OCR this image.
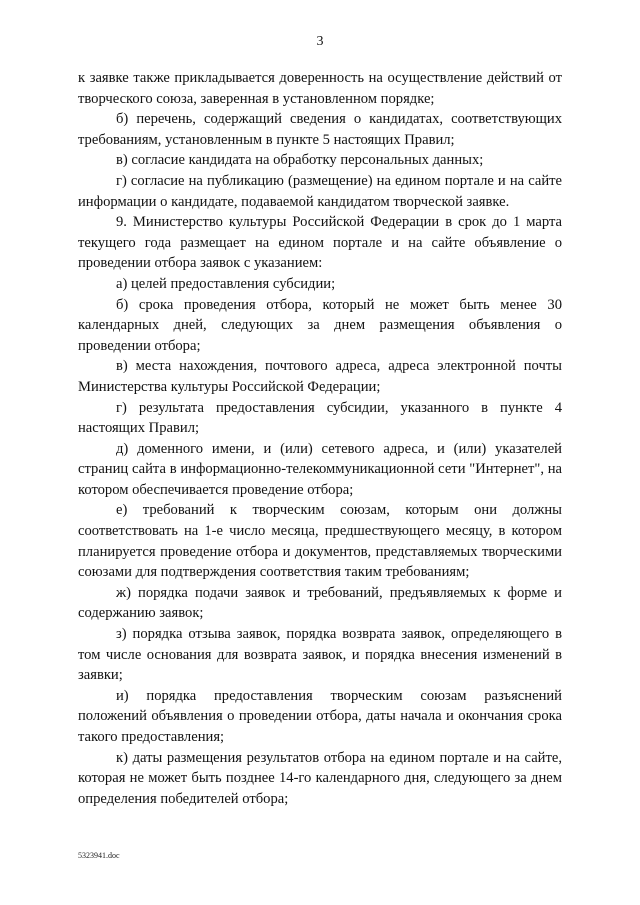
3

к заявке также прикладывается доверенность на осуществление действий от творческого союза, заверенная в установленном порядке;

б) перечень, содержащий сведения о кандидатах, соответствующих требованиям, установленным в пункте 5 настоящих Правил;

в) согласие кандидата на обработку персональных данных;

г) согласие на публикацию (размещение) на едином портале и на сайте информации о кандидате, подаваемой кандидатом творческой заявке.

9. Министерство культуры Российской Федерации в срок до 1 марта текущего года размещает на едином портале и на сайте объявление о проведении отбора заявок с указанием:

а) целей предоставления субсидии;

б) срока проведения отбора, который не может быть менее 30 календарных дней, следующих за днем размещения объявления о проведении отбора;

в) места нахождения, почтового адреса, адреса электронной почты Министерства культуры Российской Федерации;

г) результата предоставления субсидии, указанного в пункте 4 настоящих Правил;

д) доменного имени, и (или) сетевого адреса, и (или) указателей страниц сайта в информационно-телекоммуникационной сети "Интернет", на котором обеспечивается проведение отбора;

е) требований к творческим союзам, которым они должны соответствовать на 1-е число месяца, предшествующего месяцу, в котором планируется проведение отбора и документов, представляемых творческими союзами для подтверждения соответствия таким требованиям;

ж) порядка подачи заявок и требований, предъявляемых к форме и содержанию заявок;

з) порядка отзыва заявок, порядка возврата заявок, определяющего в том числе основания для возврата заявок, и порядка внесения изменений в заявки;

и) порядка предоставления творческим союзам разъяснений положений объявления о проведении отбора, даты начала и окончания срока такого предоставления;

к) даты размещения результатов отбора на едином портале и на сайте, которая не может быть позднее 14-го календарного дня, следующего за днем определения победителей отбора;

5323941.doc
